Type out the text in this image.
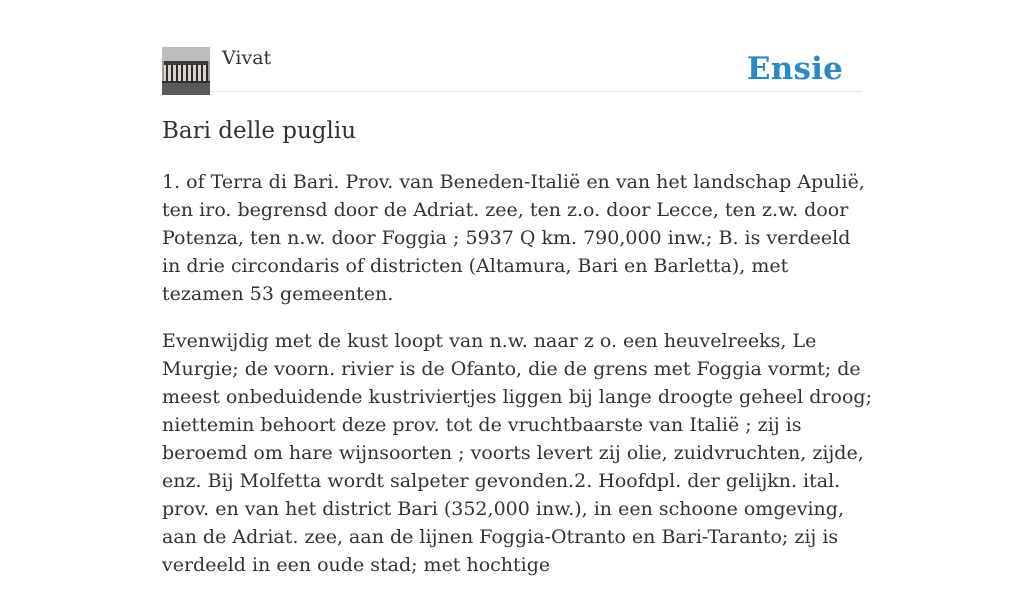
Vivat	Ensie
Bari delle pugliu

1. of Terra di Bari. Prov. van Beneden-Italië en van het landschap Apulië, ten iro. begrensd door de Adriat. zee, ten z.o. door Lecce, ten z.w. door Potenza, ten n.w. door Foggia ; 5937 Q km. 790,000 inw.; B. is verdeeld in drie circondaris of districten (Altamura, Bari en Barletta), met tezamen 53 gemeenten.

Evenwijdig met de kust loopt van n.w. naar z o. een heuvelreeks, Le Murgie; de voorn. rivier is de Ofanto, die de grens met Foggia vormt; de meest onbeduidende kustriviertjes liggen bij lange droogte geheel droog; niettemin behoort deze prov. tot de vruchtbaarste van Italië ; zij is beroemd om hare wijnsoorten ; voorts levert zij olie, zuidvruchten, zijde, enz. Bij Molfetta wordt salpeter gevonden.2. Hoofdpl. der gelijkn. ital. prov. en van het district Bari (352,000 inw.), in een schoone omgeving, aan de Adriat. zee, aan de lijnen Foggia-Otranto en Bari-Taranto; zij is verdeeld in een oude stad; met hochtige
